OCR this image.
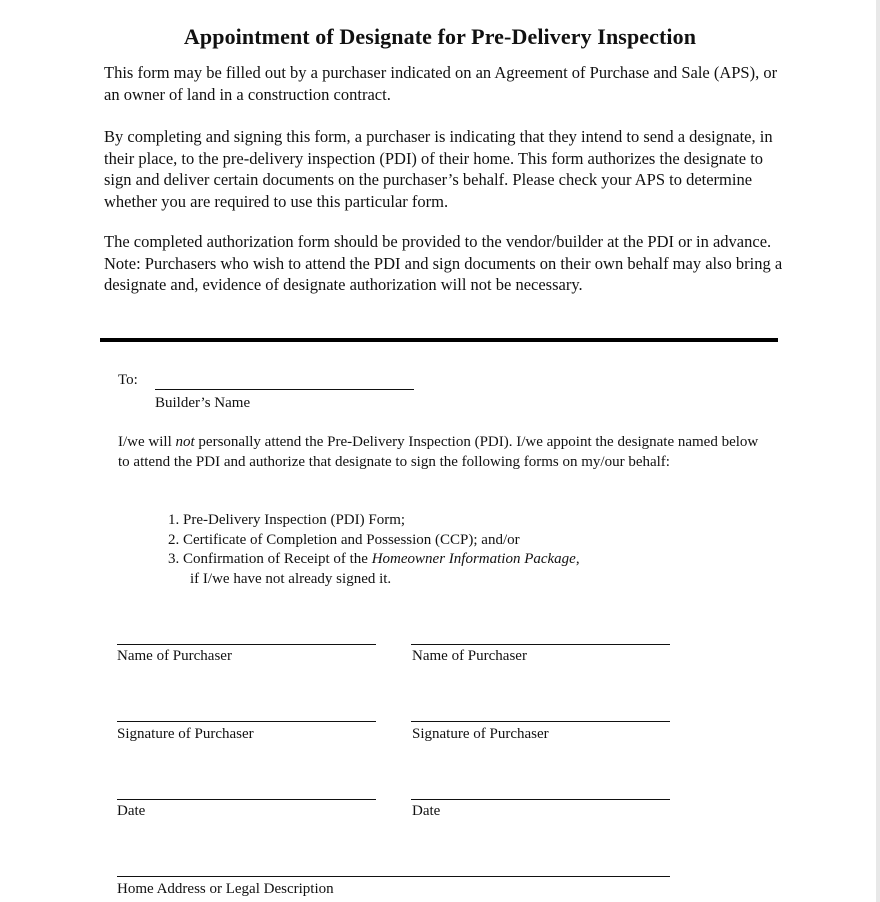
Appointment of Designate for Pre-Delivery Inspection

This form may be filled out by a purchaser indicated on an Agreement of Purchase and Sale (APS), or an owner of land in a construction contract.

By completing and signing this form, a purchaser is indicating that they intend to send a designate, in their place, to the pre-delivery inspection (PDI) of their home. This form authorizes the designate to sign and deliver certain documents on the purchaser’s behalf. Please check your APS to determine whether you are required to use this particular form.

The completed authorization form should be provided to the vendor/builder at the PDI or in advance. Note: Purchasers who wish to attend the PDI and sign documents on their own behalf may also bring a designate and, evidence of designate authorization will not be necessary.

To:
Builder’s Name

I/we will not personally attend the Pre-Delivery Inspection (PDI). I/we appoint the designate named below to attend the PDI and authorize that designate to sign the following forms on my/our behalf:

1. Pre-Delivery Inspection (PDI) Form;
2. Certificate of Completion and Possession (CCP); and/or
3. Confirmation of Receipt of the Homeowner Information Package,
if I/we have not already signed it.
Name of Purchaser	Name of Purchaser
Signature of Purchaser	Signature of Purchaser
Date	Date
Home Address or Legal Description
